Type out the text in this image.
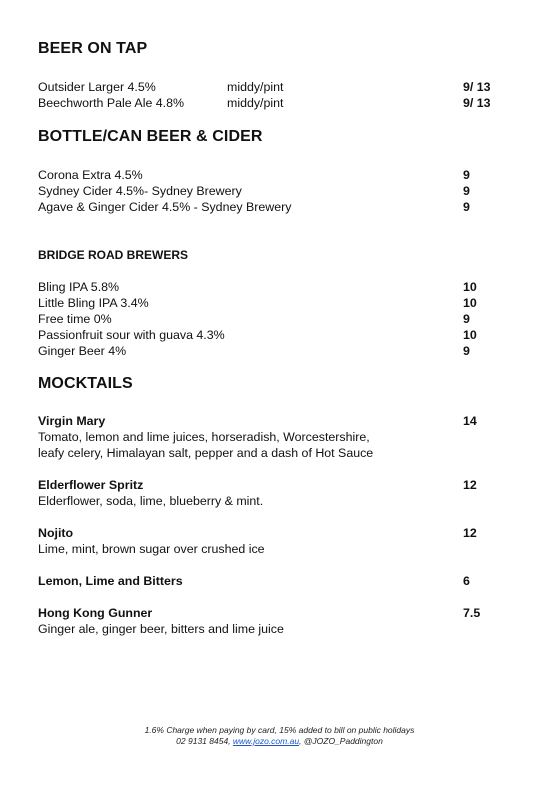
BEER ON TAP
Outsider Larger 4.5%	middy/pint	9/ 13
Beechworth Pale Ale 4.8%	middy/pint	9/ 13
BOTTLE/CAN BEER & CIDER
Corona Extra 4.5%	9
Sydney Cider 4.5%- Sydney Brewery	9
Agave & Ginger Cider 4.5% - Sydney Brewery	9
BRIDGE ROAD BREWERS
Bling IPA 5.8%	10
Little Bling IPA 3.4%	10
Free time 0%	9
Passionfruit sour with guava 4.3%	10
Ginger Beer 4%	9
MOCKTAILS
Virgin Mary	14
Tomato, lemon and lime juices, horseradish, Worcestershire,
leafy celery, Himalayan salt, pepper and a dash of Hot Sauce
Elderflower Spritz	12
Elderflower, soda, lime, blueberry & mint.
Nojito	12
Lime, mint, brown sugar over crushed ice
Lemon, Lime and Bitters	6
Hong Kong Gunner	7.5
Ginger ale, ginger beer, bitters and lime juice
1.6% Charge when paying by card, 15% added to bill on public holidays
02 9131 8454, www.jozo.com.au, @JOZO_Paddington
